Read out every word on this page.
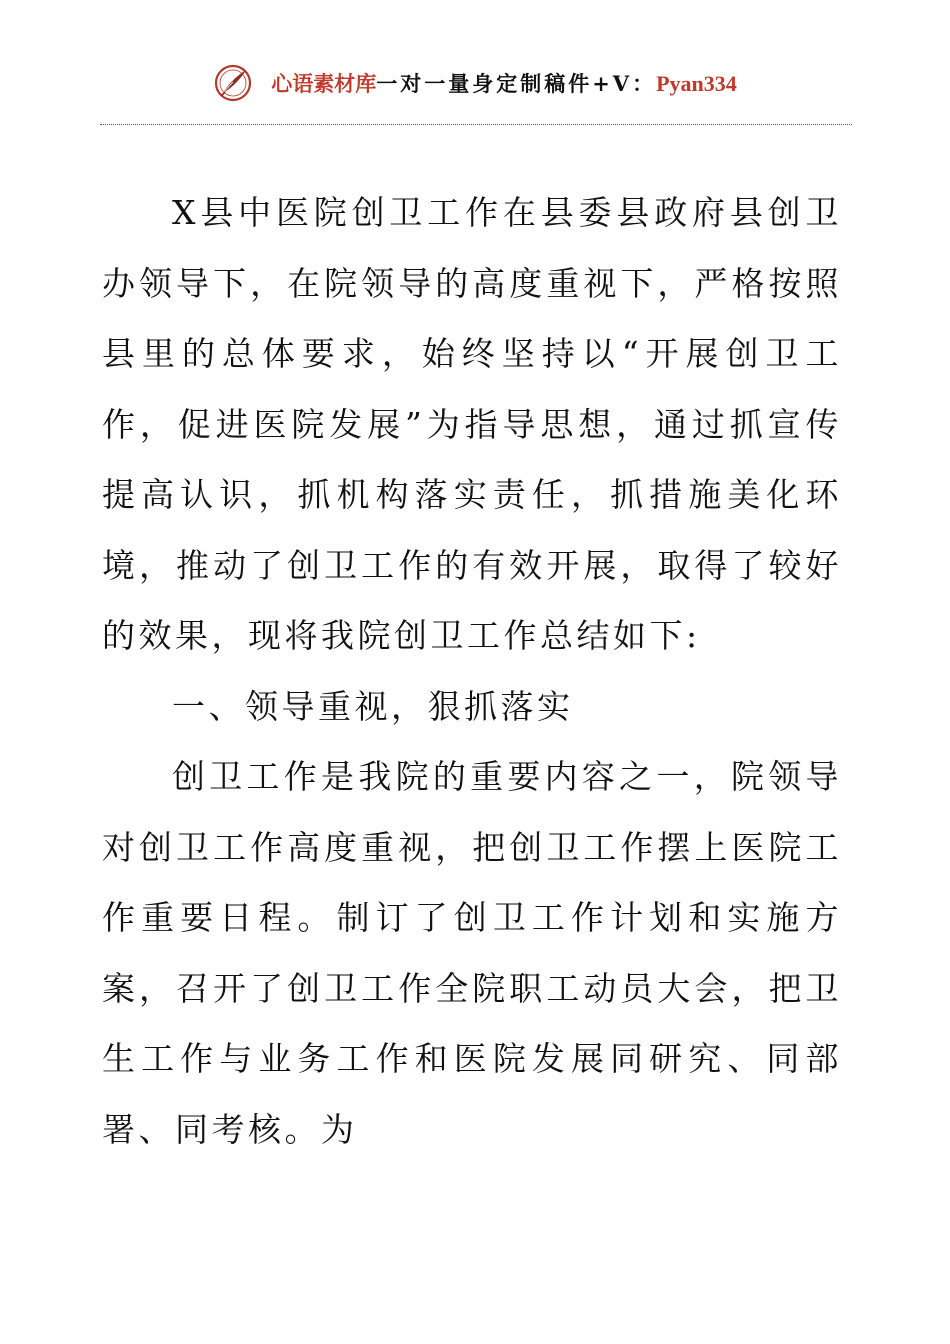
心语素材库 一对一量身定制稿件+V： Pyan334

X县中医院创卫工作在县委县政府县创卫办领导下，在院领导的高度重视下，严格按照县里的总体要求，始终坚持以“开展创卫工作，促进医院发展”为指导思想，通过抓宣传提高认识，抓机构落实责任，抓措施美化环境，推动了创卫工作的有效开展，取得了较好的效果，现将我院创卫工作总结如下:

一、领导重视，狠抓落实

创卫工作是我院的重要内容之一，院领导对创卫工作高度重视，把创卫工作摆上医院工作重要日程。制订了创卫工作计划和实施方案，召开了创卫工作全院职工动员大会，把卫生工作与业务工作和医院发展同研究、同部署、同考核。为
